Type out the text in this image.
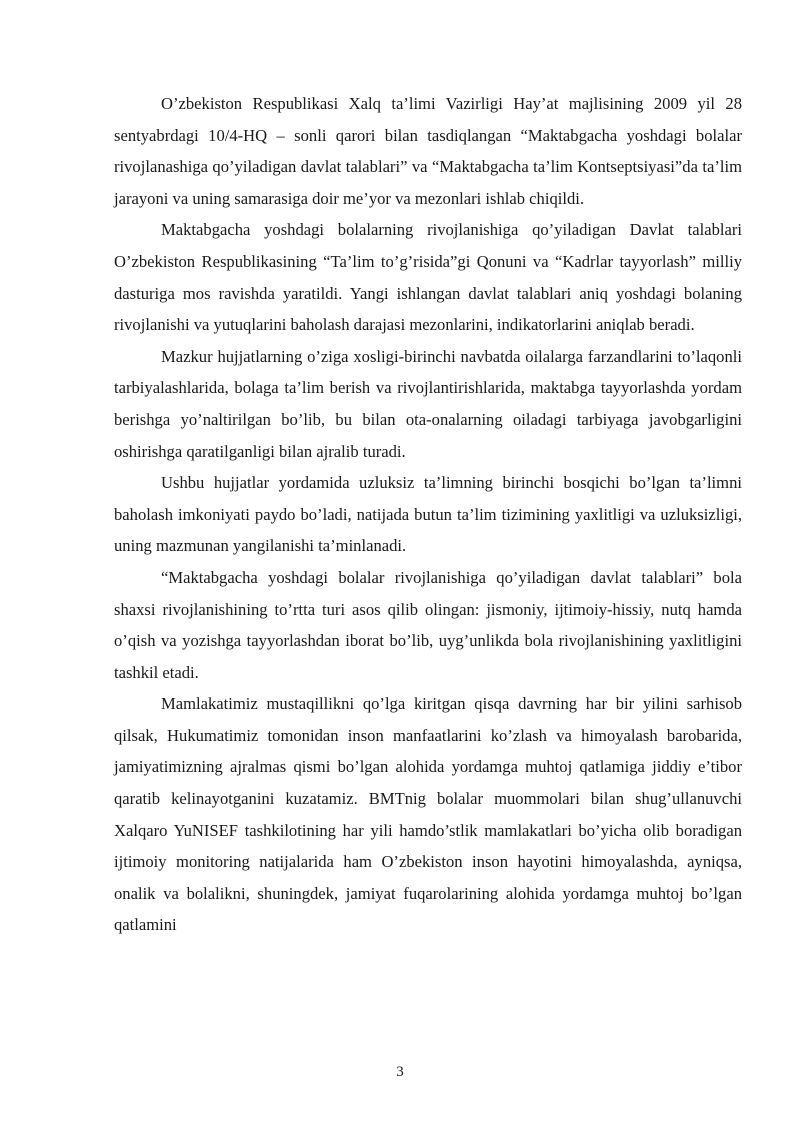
O’zbekiston Respublikasi Xalq ta’limi Vazirligi Hay’at majlisining 2009 yil 28 sentyabrdagi 10/4-HQ – sonli qarori bilan tasdiqlangan “Maktabgacha yoshdagi bolalar rivojlanashiga qo’yiladigan davlat talablari” va “Maktabgacha ta’lim Kontseptsiyasi”da ta’lim jarayoni va uning samarasiga doir me’yor va mezonlari ishlab chiqildi.

Maktabgacha yoshdagi bolalarning rivojlanishiga qo’yiladigan Davlat talablari O’zbekiston Respublikasining “Ta’lim to’g’risida”gi Qonuni va “Kadrlar tayyorlash” milliy dasturiga mos ravishda yaratildi. Yangi ishlangan davlat talablari aniq yoshdagi bolaning rivojlanishi va yutuqlarini baholash darajasi mezonlarini, indikatorlarini aniqlab beradi.

Mazkur hujjatlarning o’ziga xosligi-birinchi navbatda oilalarga farzandlarini to’laqonli tarbiyalashlarida, bolaga ta’lim berish va rivojlantirishlarida, maktabga tayyorlashda yordam berishga yo’naltirilgan bo’lib, bu bilan ota-onalarning oiladagi tarbiyaga javobgarligini oshirishga qaratilganligi bilan ajralib turadi.

Ushbu hujjatlar yordamida uzluksiz ta’limning birinchi bosqichi bo’lgan ta’limni baholash imkoniyati paydo bo’ladi, natijada butun ta’lim tizimining yaxlitligi va uzluksizligi, uning mazmunan yangilanishi ta’minlanadi.

“Maktabgacha yoshdagi bolalar rivojlanishiga qo’yiladigan davlat talablari” bola shaxsi rivojlanishining to’rtta turi asos qilib olingan: jismoniy, ijtimoiy-hissiy, nutq hamda o’qish va yozishga tayyorlashdan iborat bo’lib, uyg’unlikda bola rivojlanishining yaxlitligini tashkil etadi.

Mamlakatimiz mustaqillikni qo’lga kiritgan qisqa davrning har bir yilini sarhisob qilsak, Hukumatimiz tomonidan inson manfaatlarini ko’zlash va himoyalash barobarida, jamiyatimizning ajralmas qismi bo’lgan alohida yordamga muhtoj qatlamiga jiddiy e’tibor qaratib kelinayotganini kuzatamiz. BMTnig bolalar muommolari bilan shug’ullanuvchi Xalqaro YuNISEF tashkilotining har yili hamdo’stlik mamlakatlari bo’yicha olib boradigan ijtimoiy monitoring natijalarida ham O’zbekiston inson hayotini himoyalashda, ayniqsa, onalik va bolalikni, shuningdek, jamiyat fuqarolarining alohida yordamga muhtoj bo’lgan qatlamini

3
